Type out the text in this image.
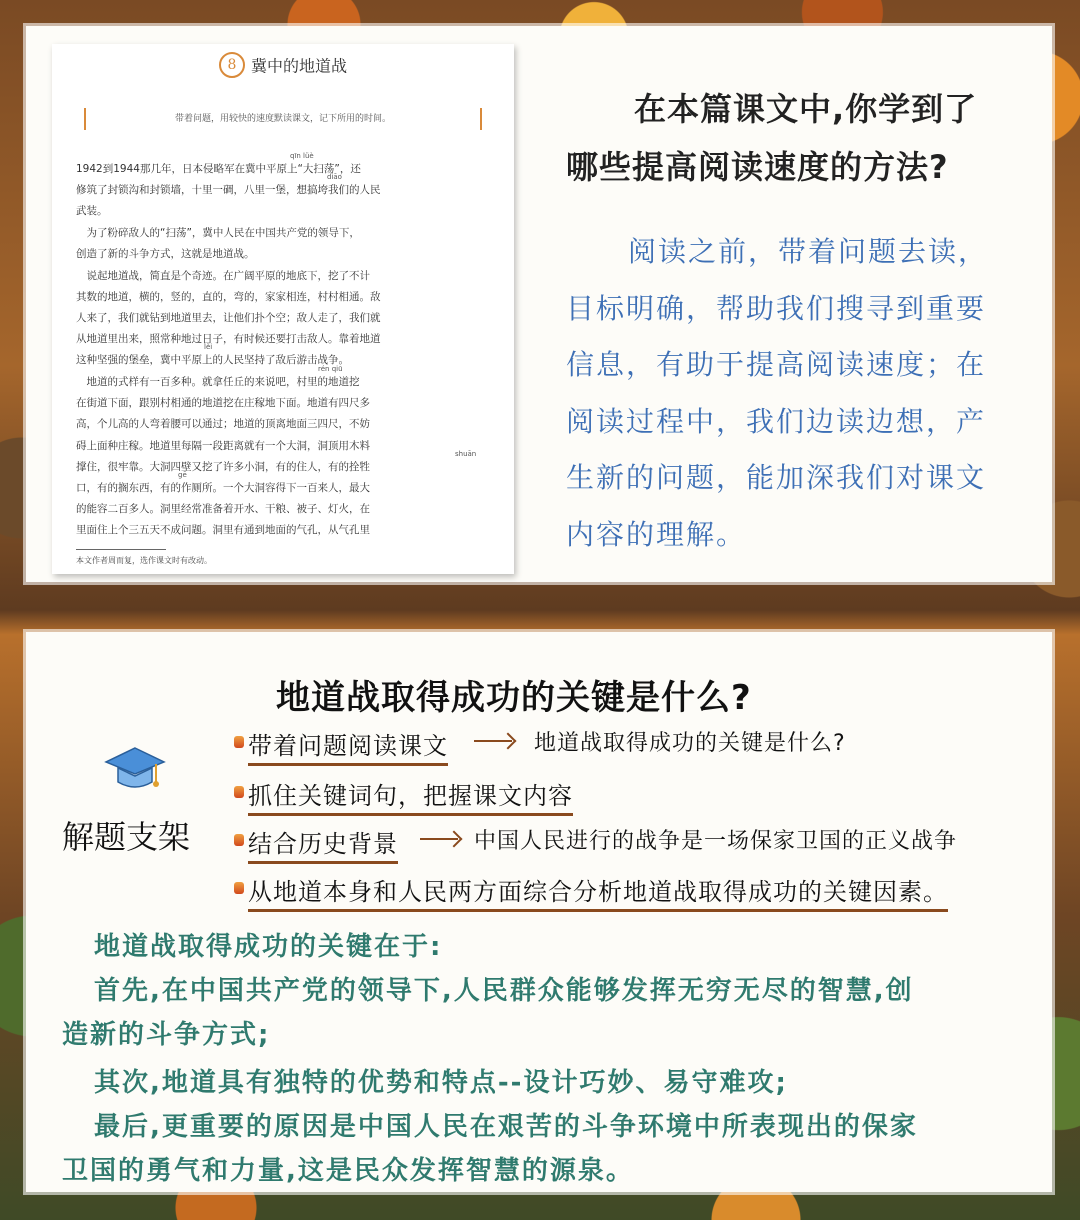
8 冀中的地道战
带着问题，用较快的速度默读课文，记下所用的时间。
1942到1944那几年，日本侵略军在冀中平原上“大扫荡”，还
修筑了封锁沟和封锁墙，十里一碉，八里一堡，想搞垮我们的人民
武装。
　为了粉碎敌人的“扫荡”，冀中人民在中国共产党的领导下，
创造了新的斗争方式，这就是地道战。
　说起地道战，简直是个奇迹。在广阔平原的地底下，挖了不计
其数的地道，横的，竖的，直的，弯的，家家相连，村村相通。敌
人来了，我们就钻到地道里去，让他们扑个空；敌人走了，我们就
从地道里出来，照常种地过日子，有时候还要打击敌人。靠着地道
这种坚强的堡垒，冀中平原上的人民坚持了敌后游击战争。
　地道的式样有一百多种。就拿任丘的来说吧，村里的地道挖
在街道下面，跟别村相通的地道挖在庄稼地下面。地道有四尺多
高，个儿高的人弯着腰可以通过；地道的顶离地面三四尺，不妨
碍上面种庄稼。地道里每隔一段距离就有一个大洞，洞顶用木料
撑住，很牢靠。大洞四壁又挖了许多小洞，有的住人，有的拴牲
口，有的搁东西，有的作厕所。一个大洞容得下一百来人，最大
的能容二百多人。洞里经常准备着开水、干粮、被子、灯火，在
里面住上个三五天不成问题。洞里有通到地面的气孔，从气孔里
qīn lüè
diāo
lěi
rén qiū
shuān
gē
本文作者周而复，选作课文时有改动。
在本篇课文中,你学到了
哪些提高阅读速度的方法?
阅读之前，带着问题去读，
目标明确，帮助我们搜寻到重要
信息，有助于提高阅读速度；在
阅读过程中，我们边读边想，产
生新的问题，能加深我们对课文
内容的理解。
地道战取得成功的关键是什么?
解题支架
带着问题阅读课文	地道战取得成功的关键是什么?
抓住关键词句，把握课文内容
结合历史背景	中国人民进行的战争是一场保家卫国的正义战争
从地道本身和人民两方面综合分析地道战取得成功的关键因素。
地道战取得成功的关键在于:
首先,在中国共产党的领导下,人民群众能够发挥无穷无尽的智慧,创
造新的斗争方式;
其次,地道具有独特的优势和特点--设计巧妙、易守难攻;
最后,更重要的原因是中国人民在艰苦的斗争环境中所表现出的保家
卫国的勇气和力量,这是民众发挥智慧的源泉。
